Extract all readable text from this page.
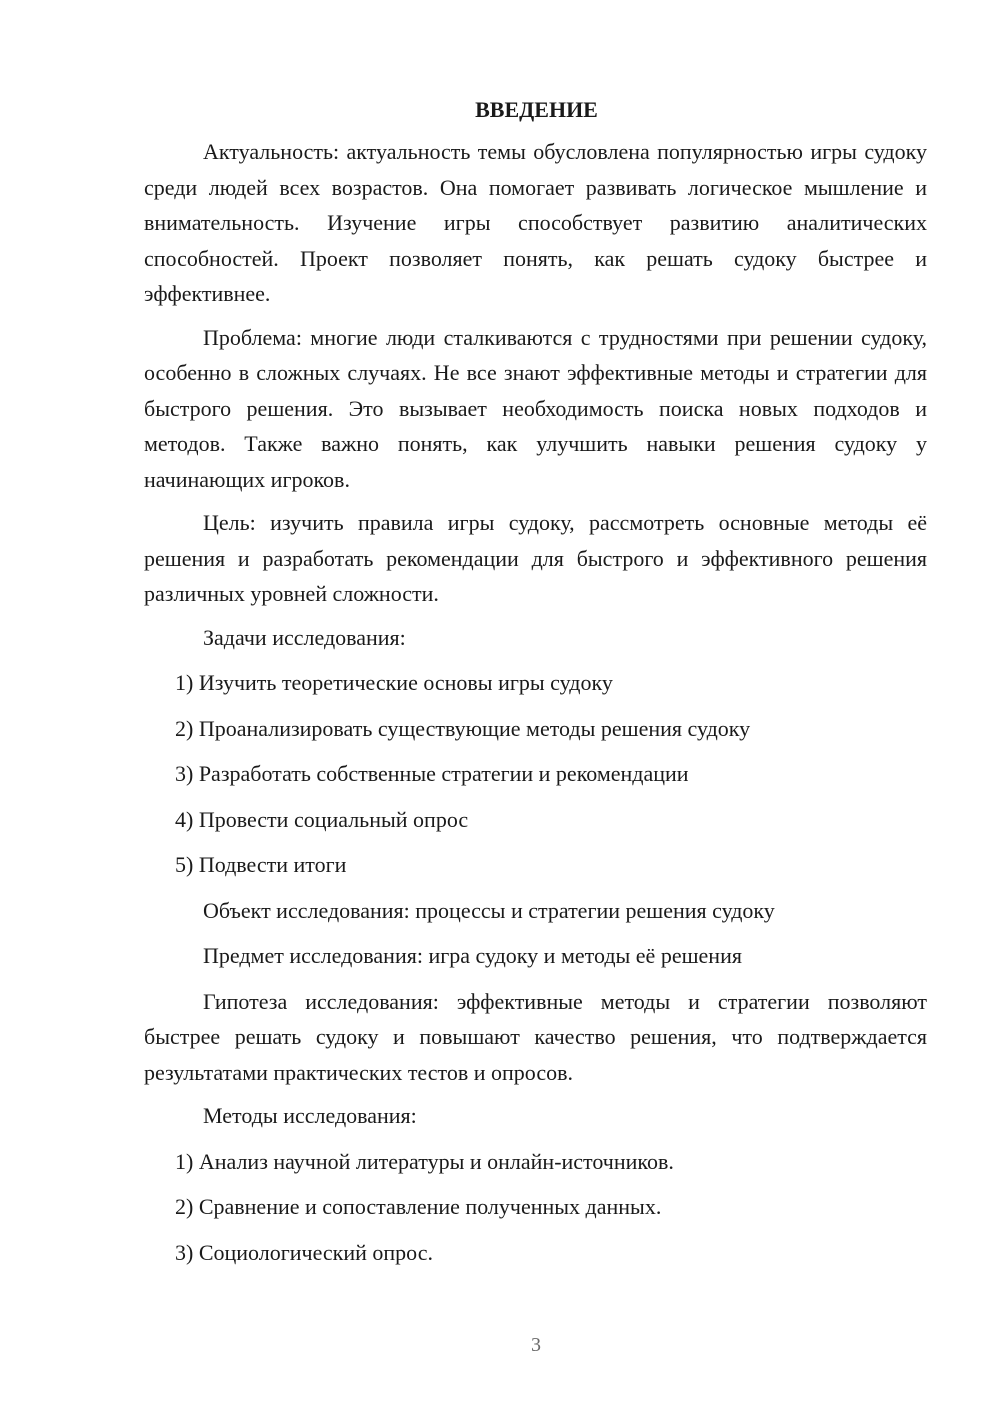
ВВЕДЕНИЕ

Актуальность: актуальность темы обусловлена популярностью игры судоку среди людей всех возрастов. Она помогает развивать логическое мышление и внимательность. Изучение игры способствует развитию аналитических способностей. Проект позволяет понять, как решать судоку быстрее и эффективнее.

Проблема: многие люди сталкиваются с трудностями при решении судоку, особенно в сложных случаях. Не все знают эффективные методы и стратегии для быстрого решения. Это вызывает необходимость поиска новых подходов и методов. Также важно понять, как улучшить навыки решения судоку у начинающих игроков.

Цель: изучить правила игры судоку, рассмотреть основные методы её решения и разработать рекомендации для быстрого и эффективного решения различных уровней сложности.

Задачи исследования:
1) Изучить теоретические основы игры судоку
2) Проанализировать существующие методы решения судоку
3) Разработать собственные стратегии и рекомендации
4) Провести социальный опрос
5) Подвести итоги
Объект исследования: процессы и стратегии решения судоку
Предмет исследования: игра судоку и методы её решения

Гипотеза исследования: эффективные методы и стратегии позволяют быстрее решать судоку и повышают качество решения, что подтверждается результатами практических тестов и опросов.

Методы исследования:
1) Анализ научной литературы и онлайн-источников.
2) Сравнение и сопоставление полученных данных.
3) Социологический опрос.
3
